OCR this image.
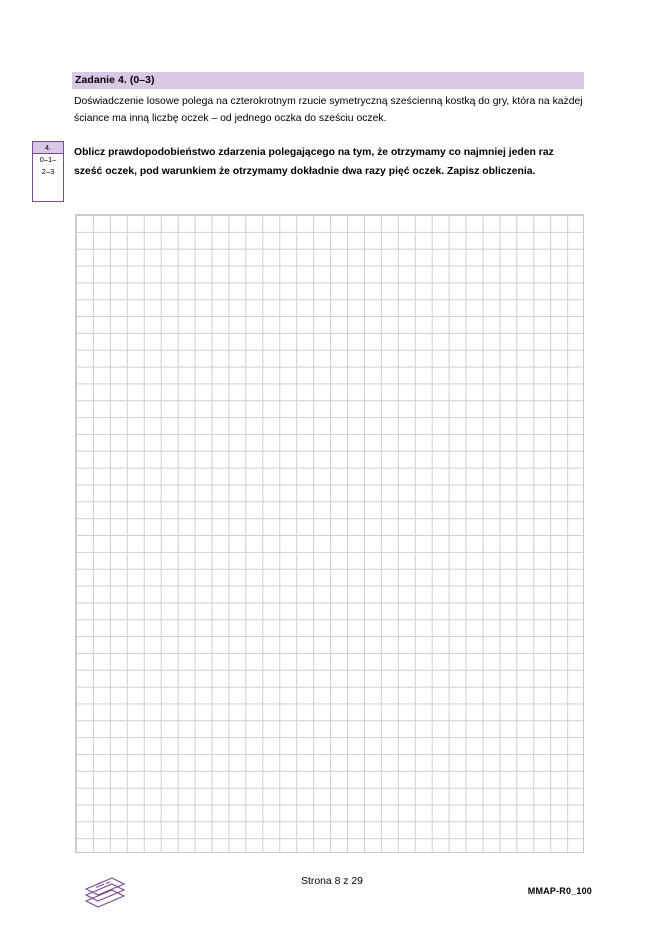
Zadanie 4. (0–3)
Doświadczenie losowe polega na czterokrotnym rzucie symetryczną sześcienną kostką do gry, która na każdej ściance ma inną liczbę oczek – od jednego oczka do sześciu oczek.
4.
0–1–
2–3
Oblicz prawdopodobieństwo zdarzenia polegającego na tym, że otrzymamy co najmniej jeden raz sześć oczek, pod warunkiem że otrzymamy dokładnie dwa razy pięć oczek. Zapisz obliczenia.
Strona 8 z 29
MMAP-R0_100
